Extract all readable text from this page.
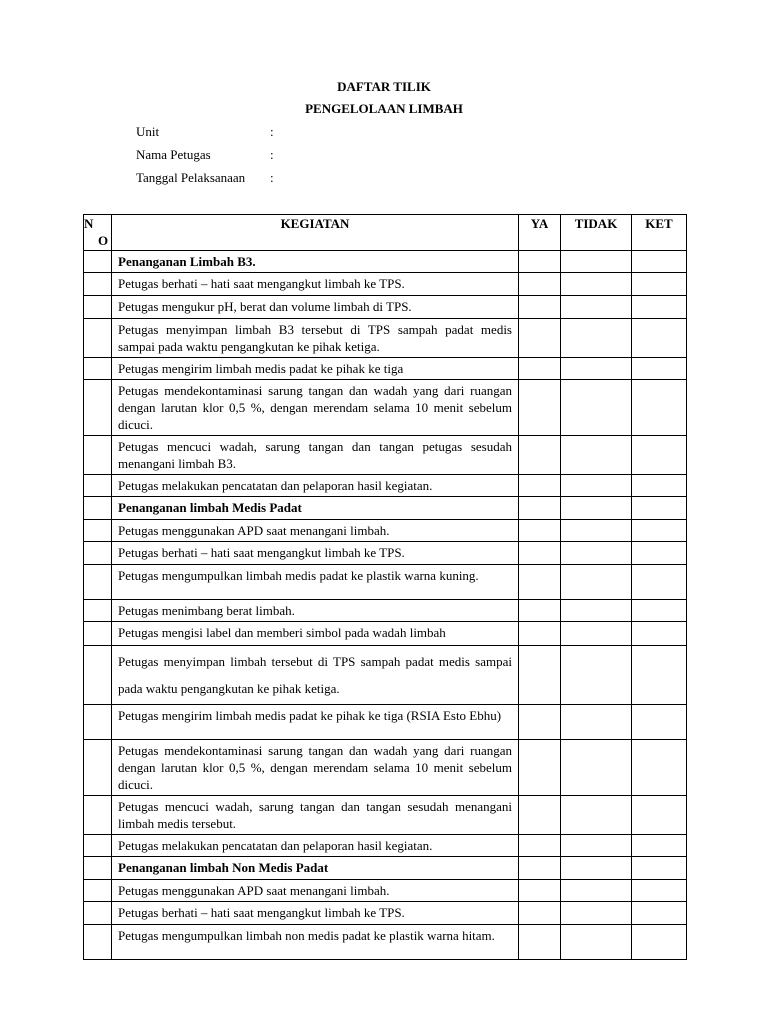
DAFTAR TILIK
PENGELOLAAN LIMBAH
Unit	:
Nama Petugas	:
Tanggal Pelaksanaan :
N
O	KEGIATAN	YA	TIDAK	KET
	Penanganan Limbah B3.			
	Petugas berhati – hati saat mengangkut limbah ke TPS.			
	Petugas mengukur pH, berat dan volume limbah di TPS.			
	Petugas menyimpan limbah B3 tersebut di TPS sampah padat medis sampai pada waktu pengangkutan ke pihak ketiga.			
	Petugas mengirim limbah medis padat ke pihak ke tiga			
	Petugas mendekontaminasi sarung tangan dan wadah yang dari ruangan dengan larutan klor 0,5 %, dengan merendam selama 10 menit sebelum dicuci.			
	Petugas mencuci wadah, sarung tangan dan tangan petugas sesudah menangani limbah B3.			
	Petugas melakukan pencatatan dan pelaporan hasil kegiatan.			
	Penanganan limbah Medis Padat			
	Petugas menggunakan APD saat menangani limbah.			
	Petugas berhati – hati saat mengangkut limbah ke TPS.			
	Petugas mengumpulkan limbah medis padat ke plastik warna kuning.			
	Petugas menimbang berat limbah.			
	Petugas mengisi label dan memberi simbol pada wadah limbah			
	Petugas menyimpan limbah tersebut di TPS sampah padat medis sampai pada waktu pengangkutan ke pihak ketiga.			
	Petugas mengirim limbah medis padat ke pihak ke tiga (RSIA Esto Ebhu)			
	Petugas mendekontaminasi sarung tangan dan wadah yang dari ruangan dengan larutan klor 0,5 %, dengan merendam selama 10 menit sebelum dicuci.			
	Petugas mencuci wadah, sarung tangan dan tangan sesudah menangani limbah medis tersebut.			
	Petugas melakukan pencatatan dan pelaporan hasil kegiatan.			
	Penanganan limbah Non Medis Padat			
	Petugas menggunakan APD saat menangani limbah.			
	Petugas berhati – hati saat mengangkut limbah ke TPS.			
	Petugas mengumpulkan limbah non medis padat ke plastik warna hitam.			
